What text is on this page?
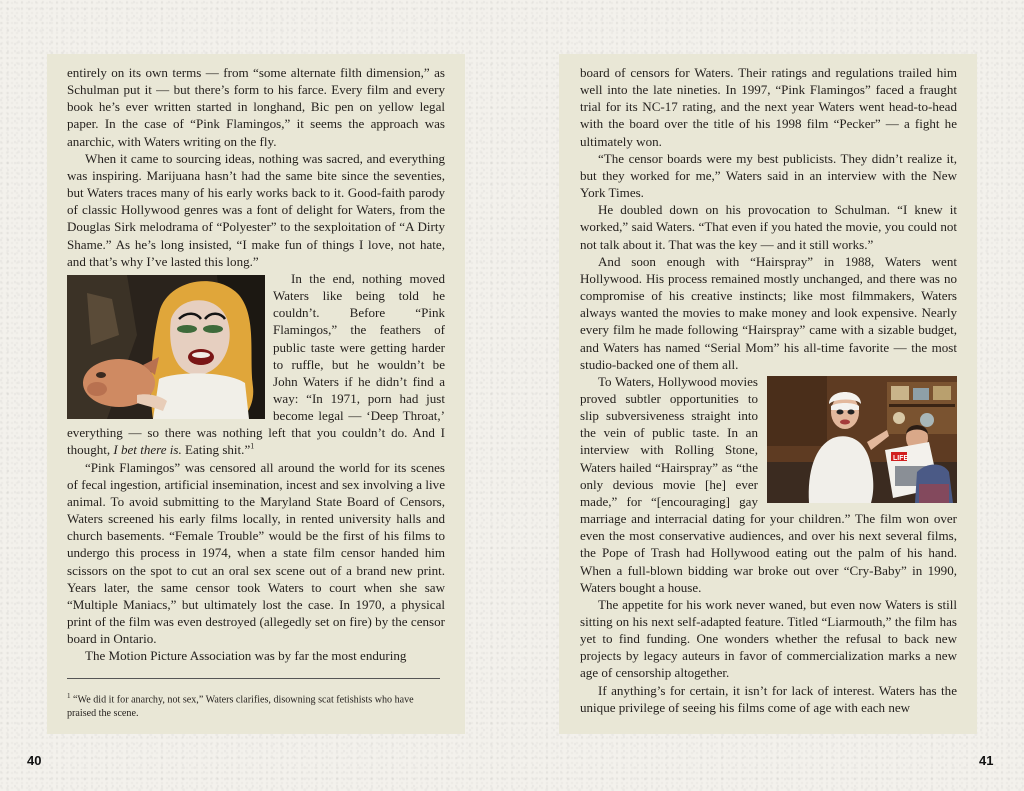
entirely on its own terms — from “some alternate filth dimension,” as Schulman put it — but there’s form to his farce. Every film and every book he’s ever written started in longhand, Bic pen on yellow legal paper. In the case of “Pink Flamingos,” it seems the approach was anarchic, with Waters writing on the fly.

When it came to sourcing ideas, nothing was sacred, and everything was inspiring. Marijuana hasn’t had the same bite since the seventies, but Waters traces many of his early works back to it. Good-faith parody of classic Hollywood genres was a font of delight for Waters, from the Douglas Sirk melodrama of “Polyester” to the sexploitation of “A Dirty Shame.” As he’s long insisted, “I make fun of things I love, not hate, and that’s why I’ve lasted this long.”

In the end, nothing moved Waters like being told he couldn’t. Before “Pink Flamingos,” the feathers of public taste were getting harder to ruffle, but he wouldn’t be John Waters if he didn’t find a way: “In 1971, porn had just become legal — ‘Deep Throat,’ everything — so there was nothing left that you couldn’t do. And I thought, I bet there is. Eating shit.”$^1$

“Pink Flamingos” was censored all around the world for its scenes of fecal ingestion, artificial insemination, incest and sex involving a live animal. To avoid submitting to the Maryland State Board of Censors, Waters screened his early films locally, in rented university halls and church basements. “Female Trouble” would be the first of his films to undergo this process in 1974, when a state film censor handed him scissors on the spot to cut an oral sex scene out of a brand new print. Years later, the same censor took Waters to court when she saw “Multiple Maniacs,” but ultimately lost the case. In 1970, a physical print of the film was even destroyed (allegedly set on fire) by the censor board in Ontario.

The Motion Picture Association was by far the most enduring

$^1$ “We did it for anarchy, not sex,” Waters clarifies, disowning scat fetishists who have praised the scene.

board of censors for Waters. Their ratings and regulations trailed him well into the late nineties. In 1997, “Pink Flamingos” faced a fraught trial for its NC-17 rating, and the next year Waters went head-to-head with the board over the title of his 1998 film “Pecker” — a fight he ultimately won.

“The censor boards were my best publicists. They didn’t realize it, but they worked for me,” Waters said in an interview with the New York Times.

He doubled down on his provocation to Schulman. “I knew it worked,” said Waters. “That even if you hated the movie, you could not not talk about it. That was the key — and it still works.”

And soon enough with “Hairspray” in 1988, Waters went Hollywood. His process remained mostly unchanged, and there was no compromise of his creative instincts; like most filmmakers, Waters always wanted the movies to make money and look expensive. Nearly every film he made following “Hairspray” came with a sizable budget, and Waters has named “Serial Mom” his all-time favorite — the most studio-backed one of them all.

LIFE

To Waters, Hollywood movies proved subtler opportunities to slip subversiveness straight into the vein of public taste. In an interview with Rolling Stone, Waters hailed “Hairspray” as “the only devious movie [he] ever made,” for “[encouraging] gay marriage and interracial dating for your children.” The film won over even the most conservative audiences, and over his next several films, the Pope of Trash had Hollywood eating out the palm of his hand. When a full-blown bidding war broke out over “Cry-Baby” in 1990, Waters bought a house.

The appetite for his work never waned, but even now Waters is still sitting on his next self-adapted feature. Titled “Liarmouth,” the film has yet to find funding. One wonders whether the refusal to back new projects by legacy auteurs in favor of commercialization marks a new age of censorship altogether.

If anything’s for certain, it isn’t for lack of interest. Waters has the unique privilege of seeing his films come of age with each new

40	41
